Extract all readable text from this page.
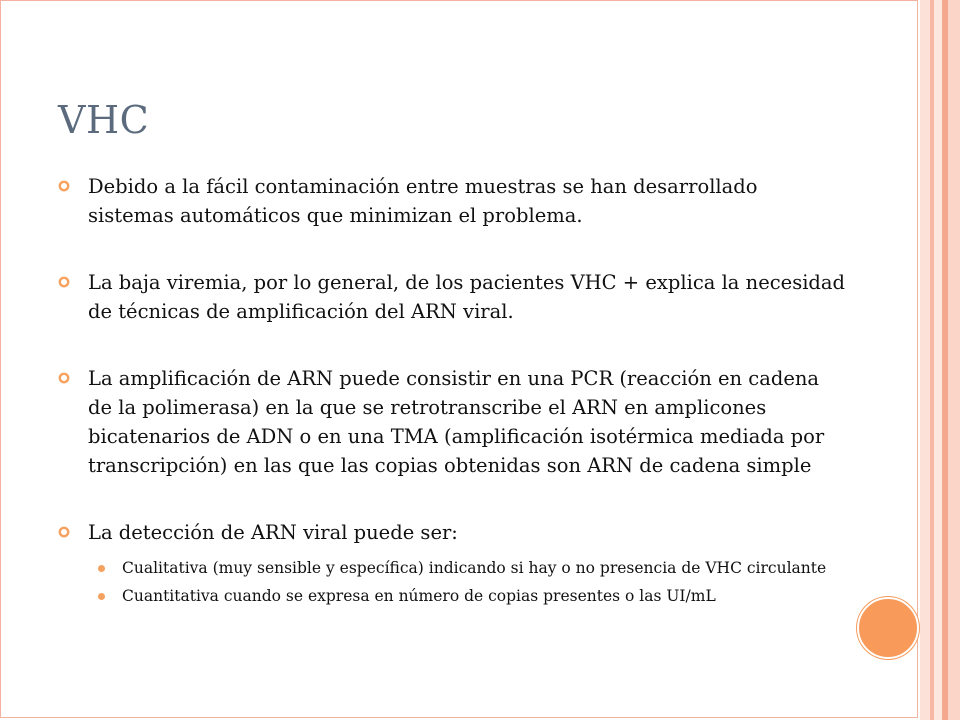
VHC
Debido a la fácil contaminación entre muestras se han desarrollado sistemas automáticos que minimizan el problema.
La baja viremia, por lo general, de los pacientes VHC + explica la necesidad de técnicas de amplificación del ARN viral.
La amplificación de ARN puede consistir en una PCR (reacción en cadena de la polimerasa) en la que se retrotranscribe el ARN en amplicones bicatenarios de ADN o en una TMA (amplificación isotérmica mediada por transcripción) en las que las copias obtenidas son ARN de cadena simple
La detección de ARN viral puede ser:
Cualitativa (muy sensible y específica) indicando si hay o no presencia de VHC circulante
Cuantitativa cuando se expresa en número de copias presentes o las UI/mL
